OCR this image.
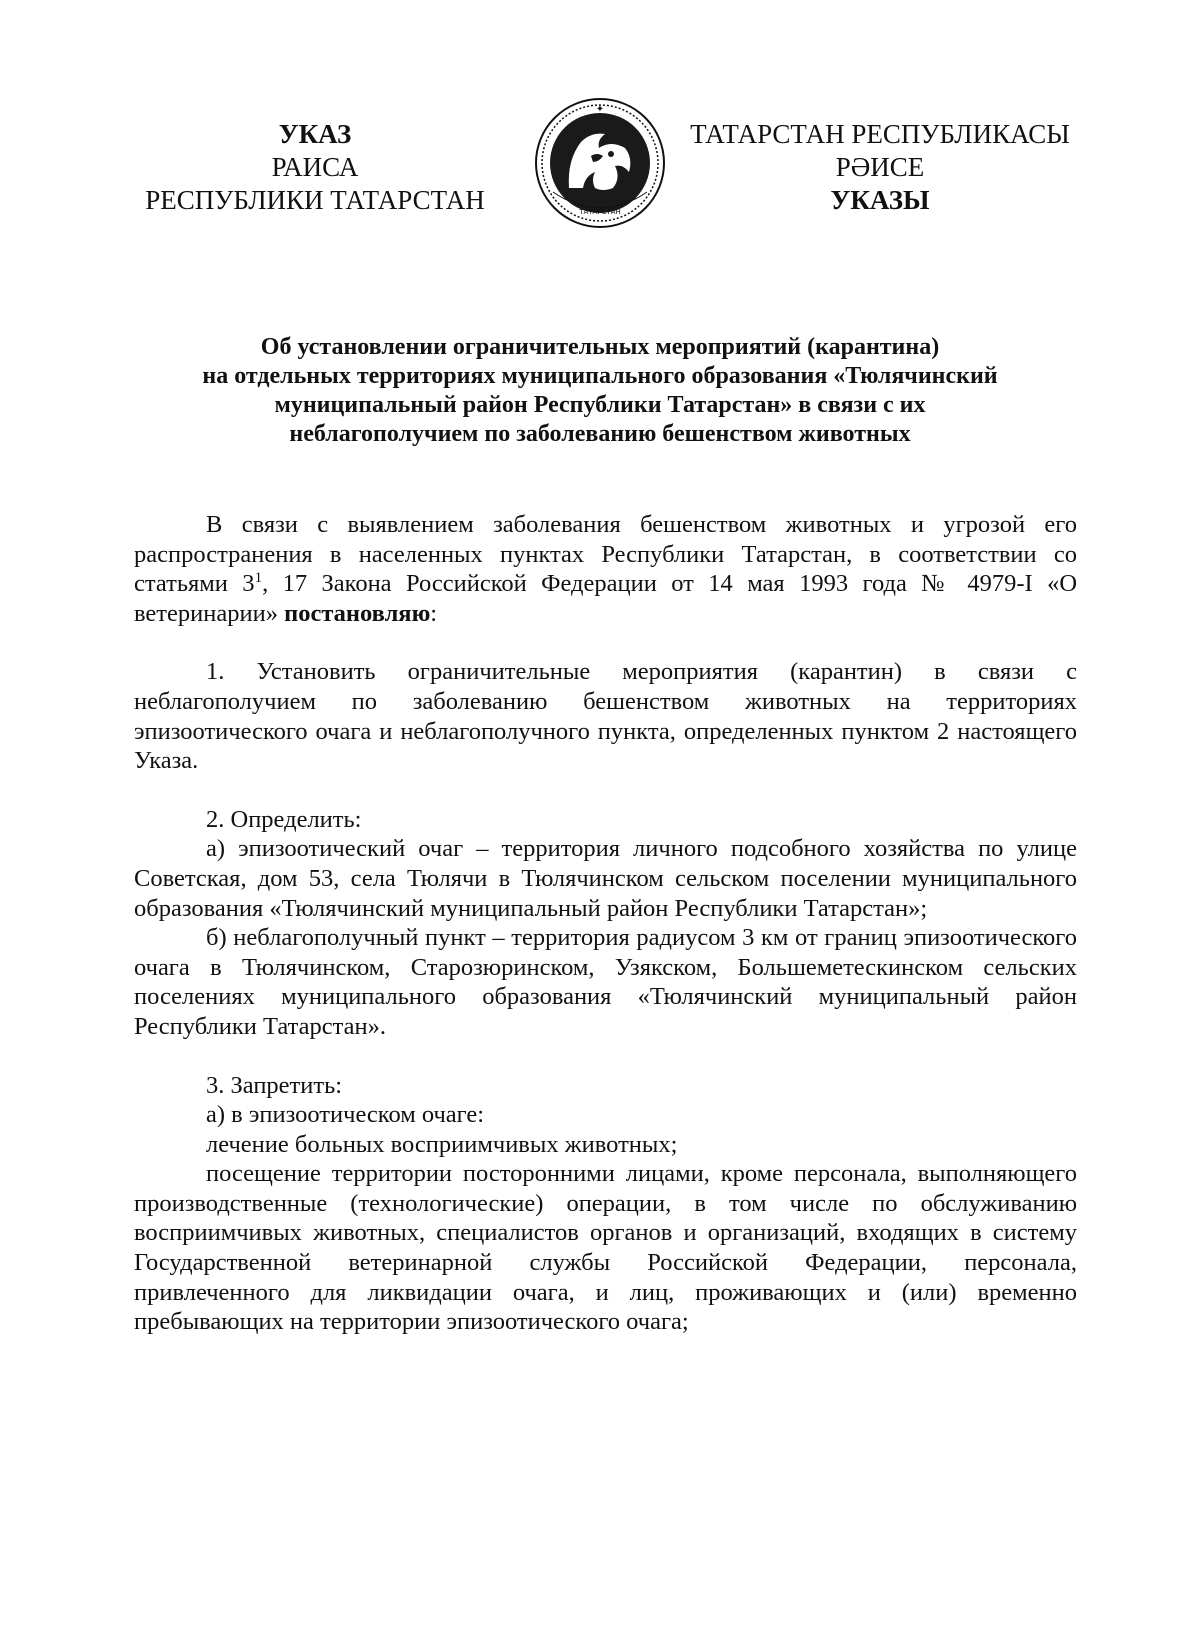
УКАЗ
РАИСА
РЕСПУБЛИКИ ТАТАРСТАН	ТАТАРСТАН
✦
ТАТАРСТАН РЕСПУБЛИКАСЫ
РӘИСЕ
УКАЗЫ
Об установлении ограничительных мероприятий (карантина)
на отдельных территориях муниципального образования «Тюлячинский
муниципальный район Республики Татарстан» в связи с их
неблагополучием по заболеванию бешенством животных

В связи с выявлением заболевания бешенством животных и угрозой его распространения в населенных пунктах Республики Татарстан, в соответствии со статьями $3^1$, 17 Закона Российской Федерации от 14 мая 1993 года № 4979-I «О ветеринарии» постановляю:

1. Установить ограничительные мероприятия (карантин) в связи с неблагополучием по заболеванию бешенством животных на территориях эпизоотического очага и неблагополучного пункта, определенных пунктом 2 настоящего Указа.

2. Определить:

а) эпизоотический очаг – территория личного подсобного хозяйства по улице Советская, дом 53, села Тюлячи в Тюлячинском сельском поселении муниципального образования «Тюлячинский муниципальный район Республики Татарстан»;

б) неблагополучный пункт – территория радиусом 3 км от границ эпизоотического очага в Тюлячинском, Старозюринском, Узякском, Большеметескинском сельских поселениях муниципального образования «Тюлячинский муниципальный район Республики Татарстан».

3. Запретить:

а) в эпизоотическом очаге:

лечение больных восприимчивых животных;

посещение территории посторонними лицами, кроме персонала, выполняющего производственные (технологические) операции, в том числе по обслуживанию восприимчивых животных, специалистов органов и организаций, входящих в систему Государственной ветеринарной службы Российской Федерации, персонала, привлеченного для ликвидации очага, и лиц, проживающих и (или) временно пребывающих на территории эпизоотического очага;
